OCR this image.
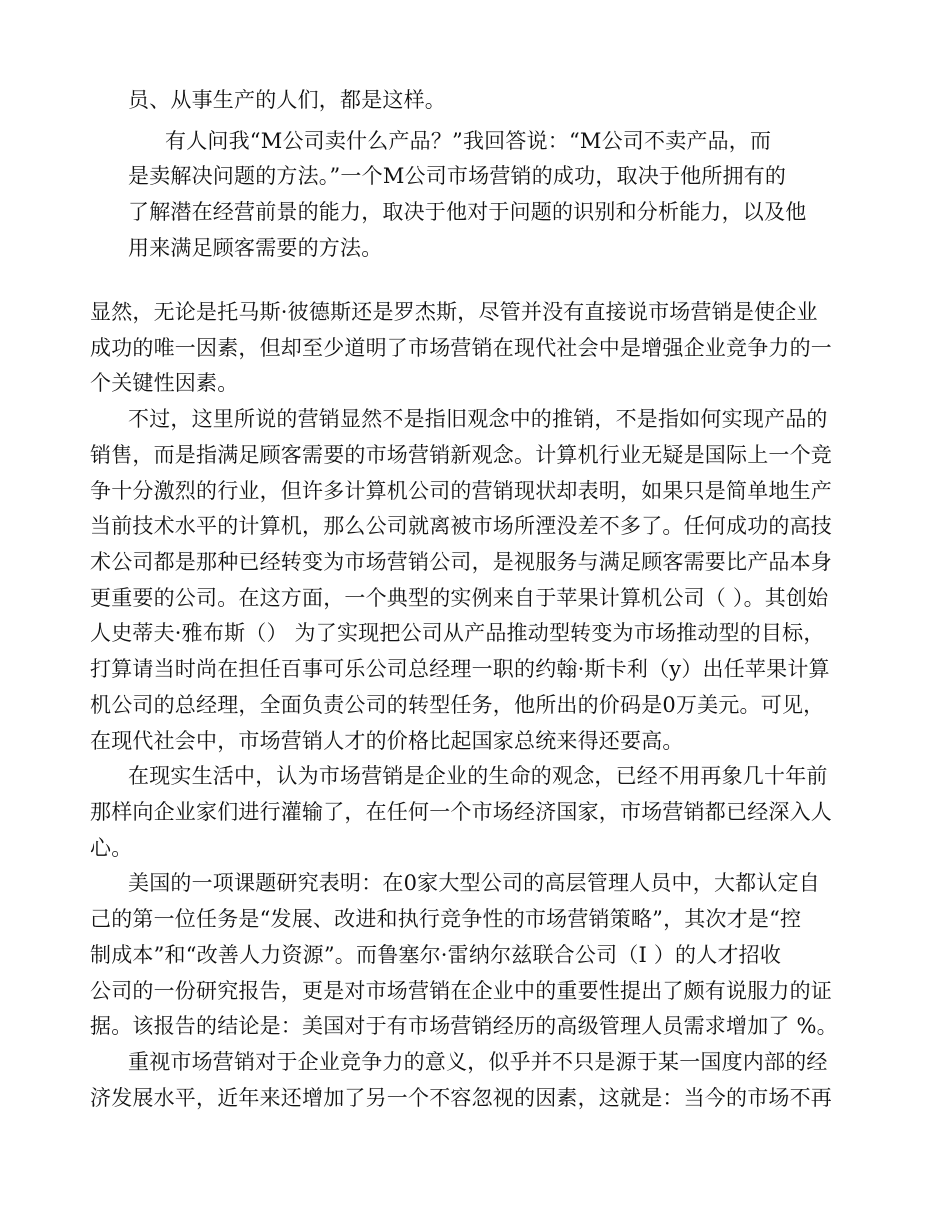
员、从事生产的人们，都是这样。
有人问我“M公司卖什么产品？”我回答说：“M公司不卖产品，而
是卖解决问题的方法。”一个M公司市场营销的成功，取决于他所拥有的
了解潜在经营前景的能力，取决于他对于问题的识别和分析能力，以及他
用来满足顾客需要的方法。
显然，无论是托马斯·彼德斯还是罗杰斯，尽管并没有直接说市场营销是使企业
成功的唯一因素，但却至少道明了市场营销在现代社会中是增强企业竞争力的一
个关键性因素。
不过，这里所说的营销显然不是指旧观念中的推销，不是指如何实现产品的
销售，而是指满足顾客需要的市场营销新观念。计算机行业无疑是国际上一个竞
争十分激烈的行业，但许多计算机公司的营销现状却表明，如果只是简单地生产
当前技术水平的计算机，那么公司就离被市场所湮没差不多了。任何成功的高技
术公司都是那种已经转变为市场营销公司，是视服务与满足顾客需要比产品本身
更重要的公司。在这方面，一个典型的实例来自于苹果计算机公司（ ）。其创始
人史蒂夫·雅布斯（） 为了实现把公司从产品推动型转变为市场推动型的目标，
打算请当时尚在担任百事可乐公司总经理一职的约翰·斯卡利（y）出任苹果计算
机公司的总经理，全面负责公司的转型任务，他所出的价码是0万美元。可见，
在现代社会中，市场营销人才的价格比起国家总统来得还要高。
在现实生活中，认为市场营销是企业的生命的观念，已经不用再象几十年前
那样向企业家们进行灌输了，在任何一个市场经济国家，市场营销都已经深入人
心。
美国的一项课题研究表明：在0家大型公司的高层管理人员中，大都认定自
己的第一位任务是“发展、改进和执行竞争性的市场营销策略”，其次才是“控
制成本”和“改善人力资源”。而鲁塞尔·雷纳尔兹联合公司（I ）的人才招收
公司的一份研究报告，更是对市场营销在企业中的重要性提出了颇有说服力的证
据。该报告的结论是：美国对于有市场营销经历的高级管理人员需求增加了 %。
重视市场营销对于企业竞争力的意义，似乎并不只是源于某一国度内部的经
济发展水平，近年来还增加了另一个不容忽视的因素，这就是：当今的市场不再
